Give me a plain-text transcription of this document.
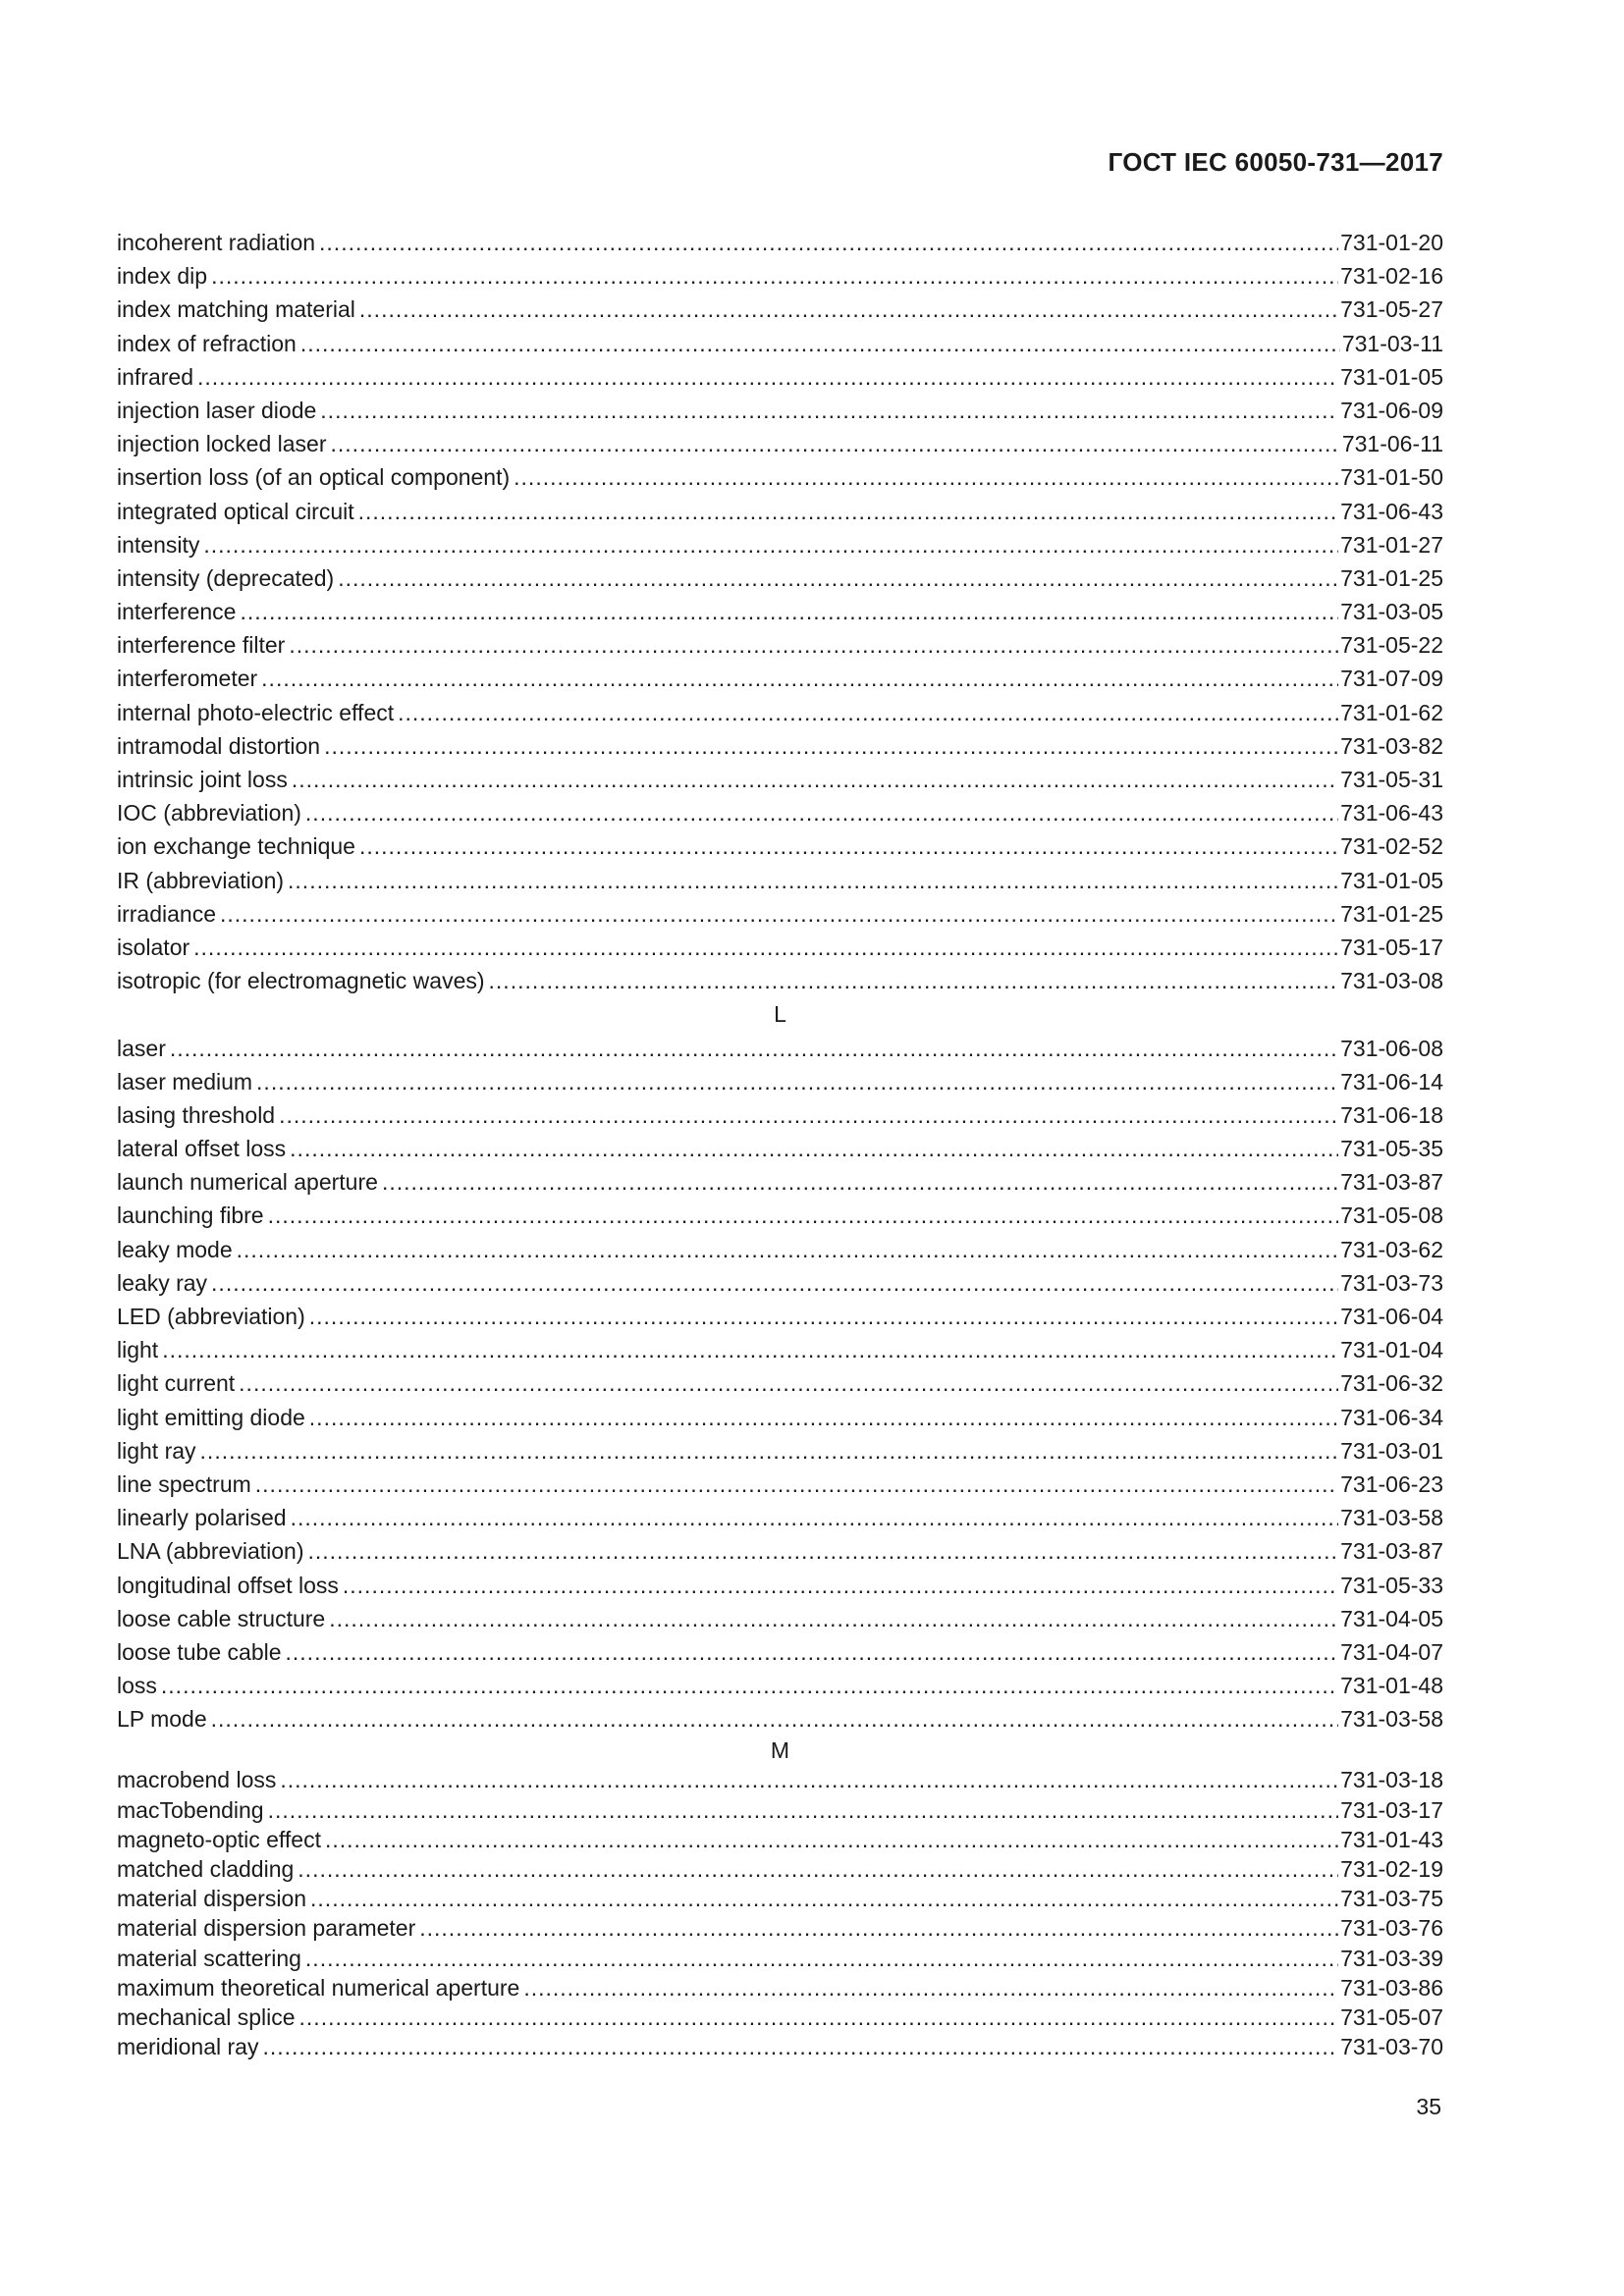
ГОСТ IEC 60050-731—2017
incoherent radiation .....	731-01-20
index dip .....	731-02-16
index matching material .....	731-05-27
index of refraction .....	731-03-11
infrared .....	731-01-05
injection laser diode .....	731-06-09
injection locked laser .....	731-06-11
insertion loss (of an optical component) .....	731-01-50
integrated optical circuit .....	731-06-43
intensity .....	731-01-27
intensity (deprecated) .....	731-01-25
interference .....	731-03-05
interference filter .....	731-05-22
interferometer .....	731-07-09
internal photo-electric effect .....	731-01-62
intramodal distortion .....	731-03-82
intrinsic joint loss .....	731-05-31
IOC (abbreviation) .....	731-06-43
ion exchange technique .....	731-02-52
IR (abbreviation) .....	731-01-05
irradiance .....	731-01-25
isolator .....	731-05-17
isotropic (for electromagnetic waves) .....	731-03-08
L
laser .....	731-06-08
laser medium .....	731-06-14
lasing threshold .....	731-06-18
lateral offset loss .....	731-05-35
launch numerical aperture .....	731-03-87
launching fibre .....	731-05-08
leaky mode .....	731-03-62
leaky ray .....	731-03-73
LED (abbreviation) .....	731-06-04
light .....	731-01-04
light current .....	731-06-32
light emitting diode .....	731-06-34
light ray .....	731-03-01
line spectrum .....	731-06-23
linearly polarised .....	731-03-58
LNA (abbreviation) .....	731-03-87
longitudinal offset loss .....	731-05-33
loose cable structure .....	731-04-05
loose tube cable .....	731-04-07
loss .....	731-01-48
LP mode .....	731-03-58
M
macrobend loss .....	731-03-18
macTobending .....	731-03-17
magneto-optic effect .....	731-01-43
matched cladding .....	731-02-19
material dispersion .....	731-03-75
material dispersion parameter .....	731-03-76
material scattering .....	731-03-39
maximum theoretical numerical aperture .....	731-03-86
mechanical splice .....	731-05-07
meridional ray .....	731-03-70
35
